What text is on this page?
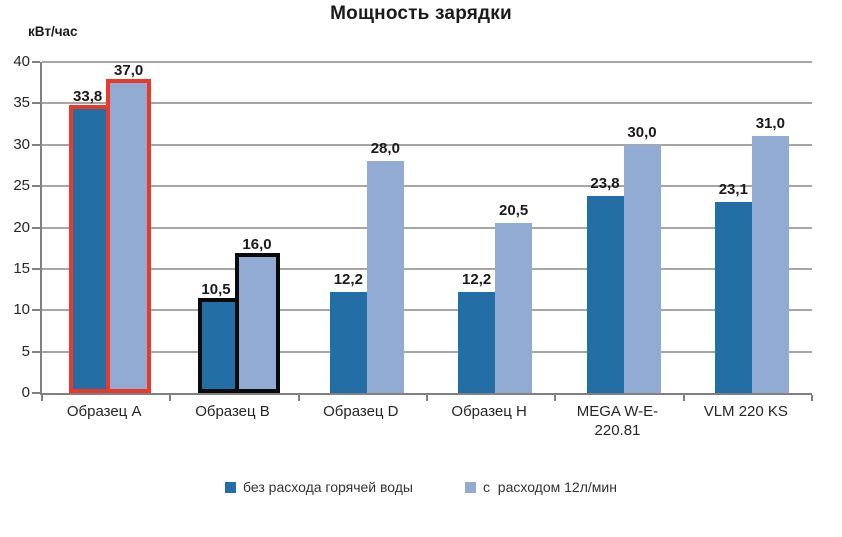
Мощность зарядки
кВт/час
33,8
37,0
10,5
16,0
12,2
28,0
12,2
20,5
23,8
30,0
23,1
31,0
0
5
10
15
20
25
30
35
40
Образец A	Образец B	Образец D	Образец H	MEGA W-E-220.81
VLM 220 KS
без расхода горячей воды	с  расходом 12л/мин
